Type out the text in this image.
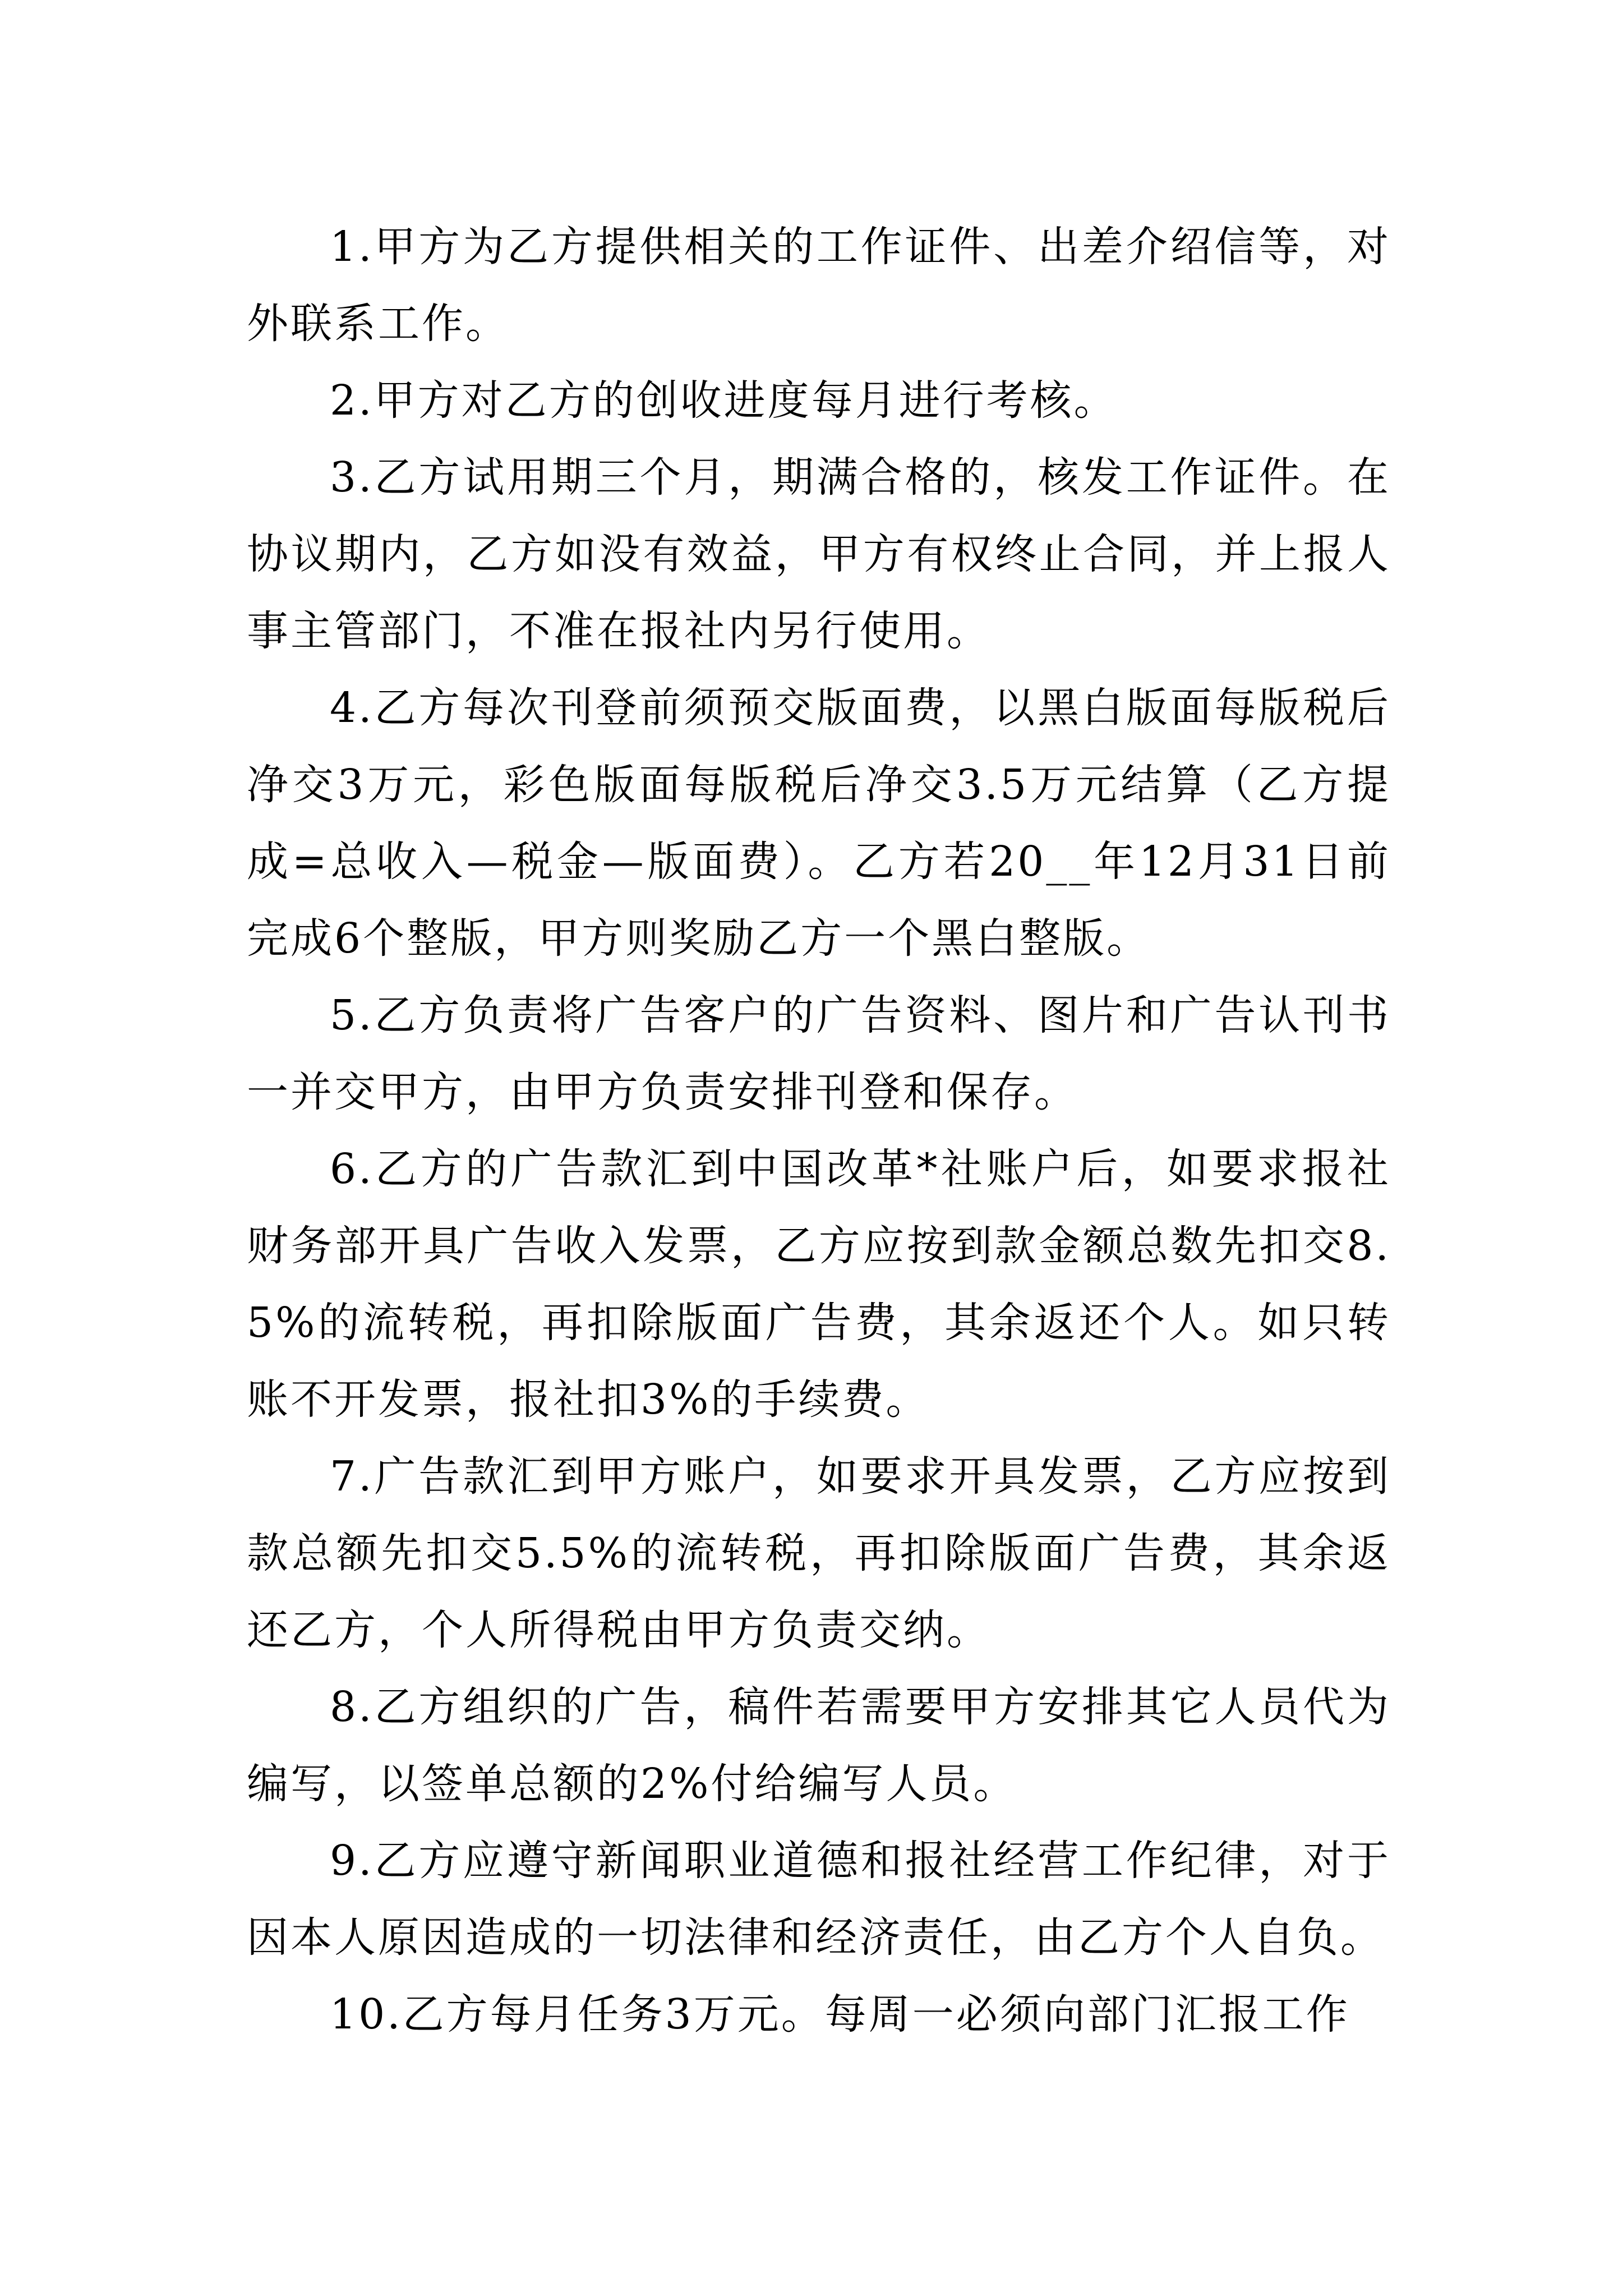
1.甲方为乙方提供相关的工作证件、出差介绍信等，对外联系工作。

2.甲方对乙方的创收进度每月进行考核。

3.乙方试用期三个月，期满合格的，核发工作证件。在协议期内，乙方如没有效益，甲方有权终止合同，并上报人事主管部门，不准在报社内另行使用。

4.乙方每次刊登前须预交版面费，以黑白版面每版税后净交3万元，彩色版面每版税后净交3.5万元结算（乙方提成=总收入—税金—版面费）。乙方若20__年12月31日前完成6个整版，甲方则奖励乙方一个黑白整版。

5.乙方负责将广告客户的广告资料、图片和广告认刊书一并交甲方，由甲方负责安排刊登和保存。

6.乙方的广告款汇到中国改革*社账户后，如要求报社财务部开具广告收入发票，乙方应按到款金额总数先扣交8.5%的流转税，再扣除版面广告费，其余返还个人。如只转账不开发票，报社扣3%的手续费。

7.广告款汇到甲方账户，如要求开具发票，乙方应按到款总额先扣交5.5%的流转税，再扣除版面广告费，其余返还乙方，个人所得税由甲方负责交纳。

8.乙方组织的广告，稿件若需要甲方安排其它人员代为编写，以签单总额的2%付给编写人员。

9.乙方应遵守新闻职业道德和报社经营工作纪律，对于因本人原因造成的一切法律和经济责任，由乙方个人自负。

10.乙方每月任务3万元。每周一必须向部门汇报工作
